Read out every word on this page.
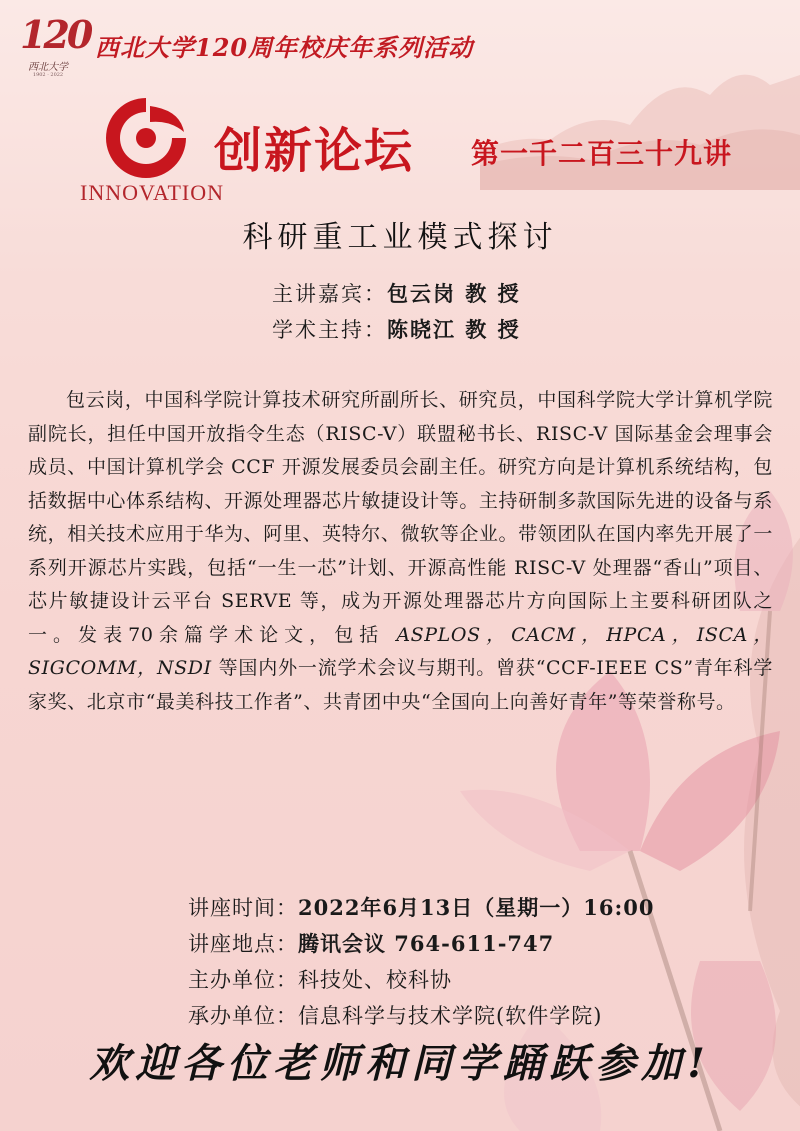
120
西北大学
1902 · 2022
西北大学120周年校庆年系列活动
INNOVATION
创新论坛 第一千二百三十九讲
科研重工业模式探讨
主讲嘉宾：包云岗 教 授
学术主持：陈晓江 教 授
包云岗，中国科学院计算技术研究所副所长、研究员，中国科学院大学计算机学院副院长，担任中国开放指令生态（RISC-V）联盟秘书长、RISC-V 国际基金会理事会成员、中国计算机学会 CCF 开源发展委员会副主任。研究方向是计算机系统结构，包括数据中心体系结构、开源处理器芯片敏捷设计等。主持研制多款国际先进的设备与系统，相关技术应用于华为、阿里、英特尔、微软等企业。带领团队在国内率先开展了一系列开源芯片实践，包括“一生一芯”计划、开源高性能 RISC-V 处理器“香山”项目、芯片敏捷设计云平台 SERVE 等，成为开源处理器芯片方向国际上主要科研团队之一。发表70余篇学术论文，包括 ASPLOS，CACM，HPCA，ISCA，SIGCOMM，NSDI 等国内外一流学术会议与期刊。曾获“CCF-IEEE CS”青年科学家奖、北京市“最美科技工作者”、共青团中央“全国向上向善好青年”等荣誉称号。
讲座时间：2022年6月13日（星期一）16:00
讲座地点：腾讯会议 764-611-747
主办单位：科技处、校科协
承办单位：信息科学与技术学院(软件学院)
欢迎各位老师和同学踊跃参加!
